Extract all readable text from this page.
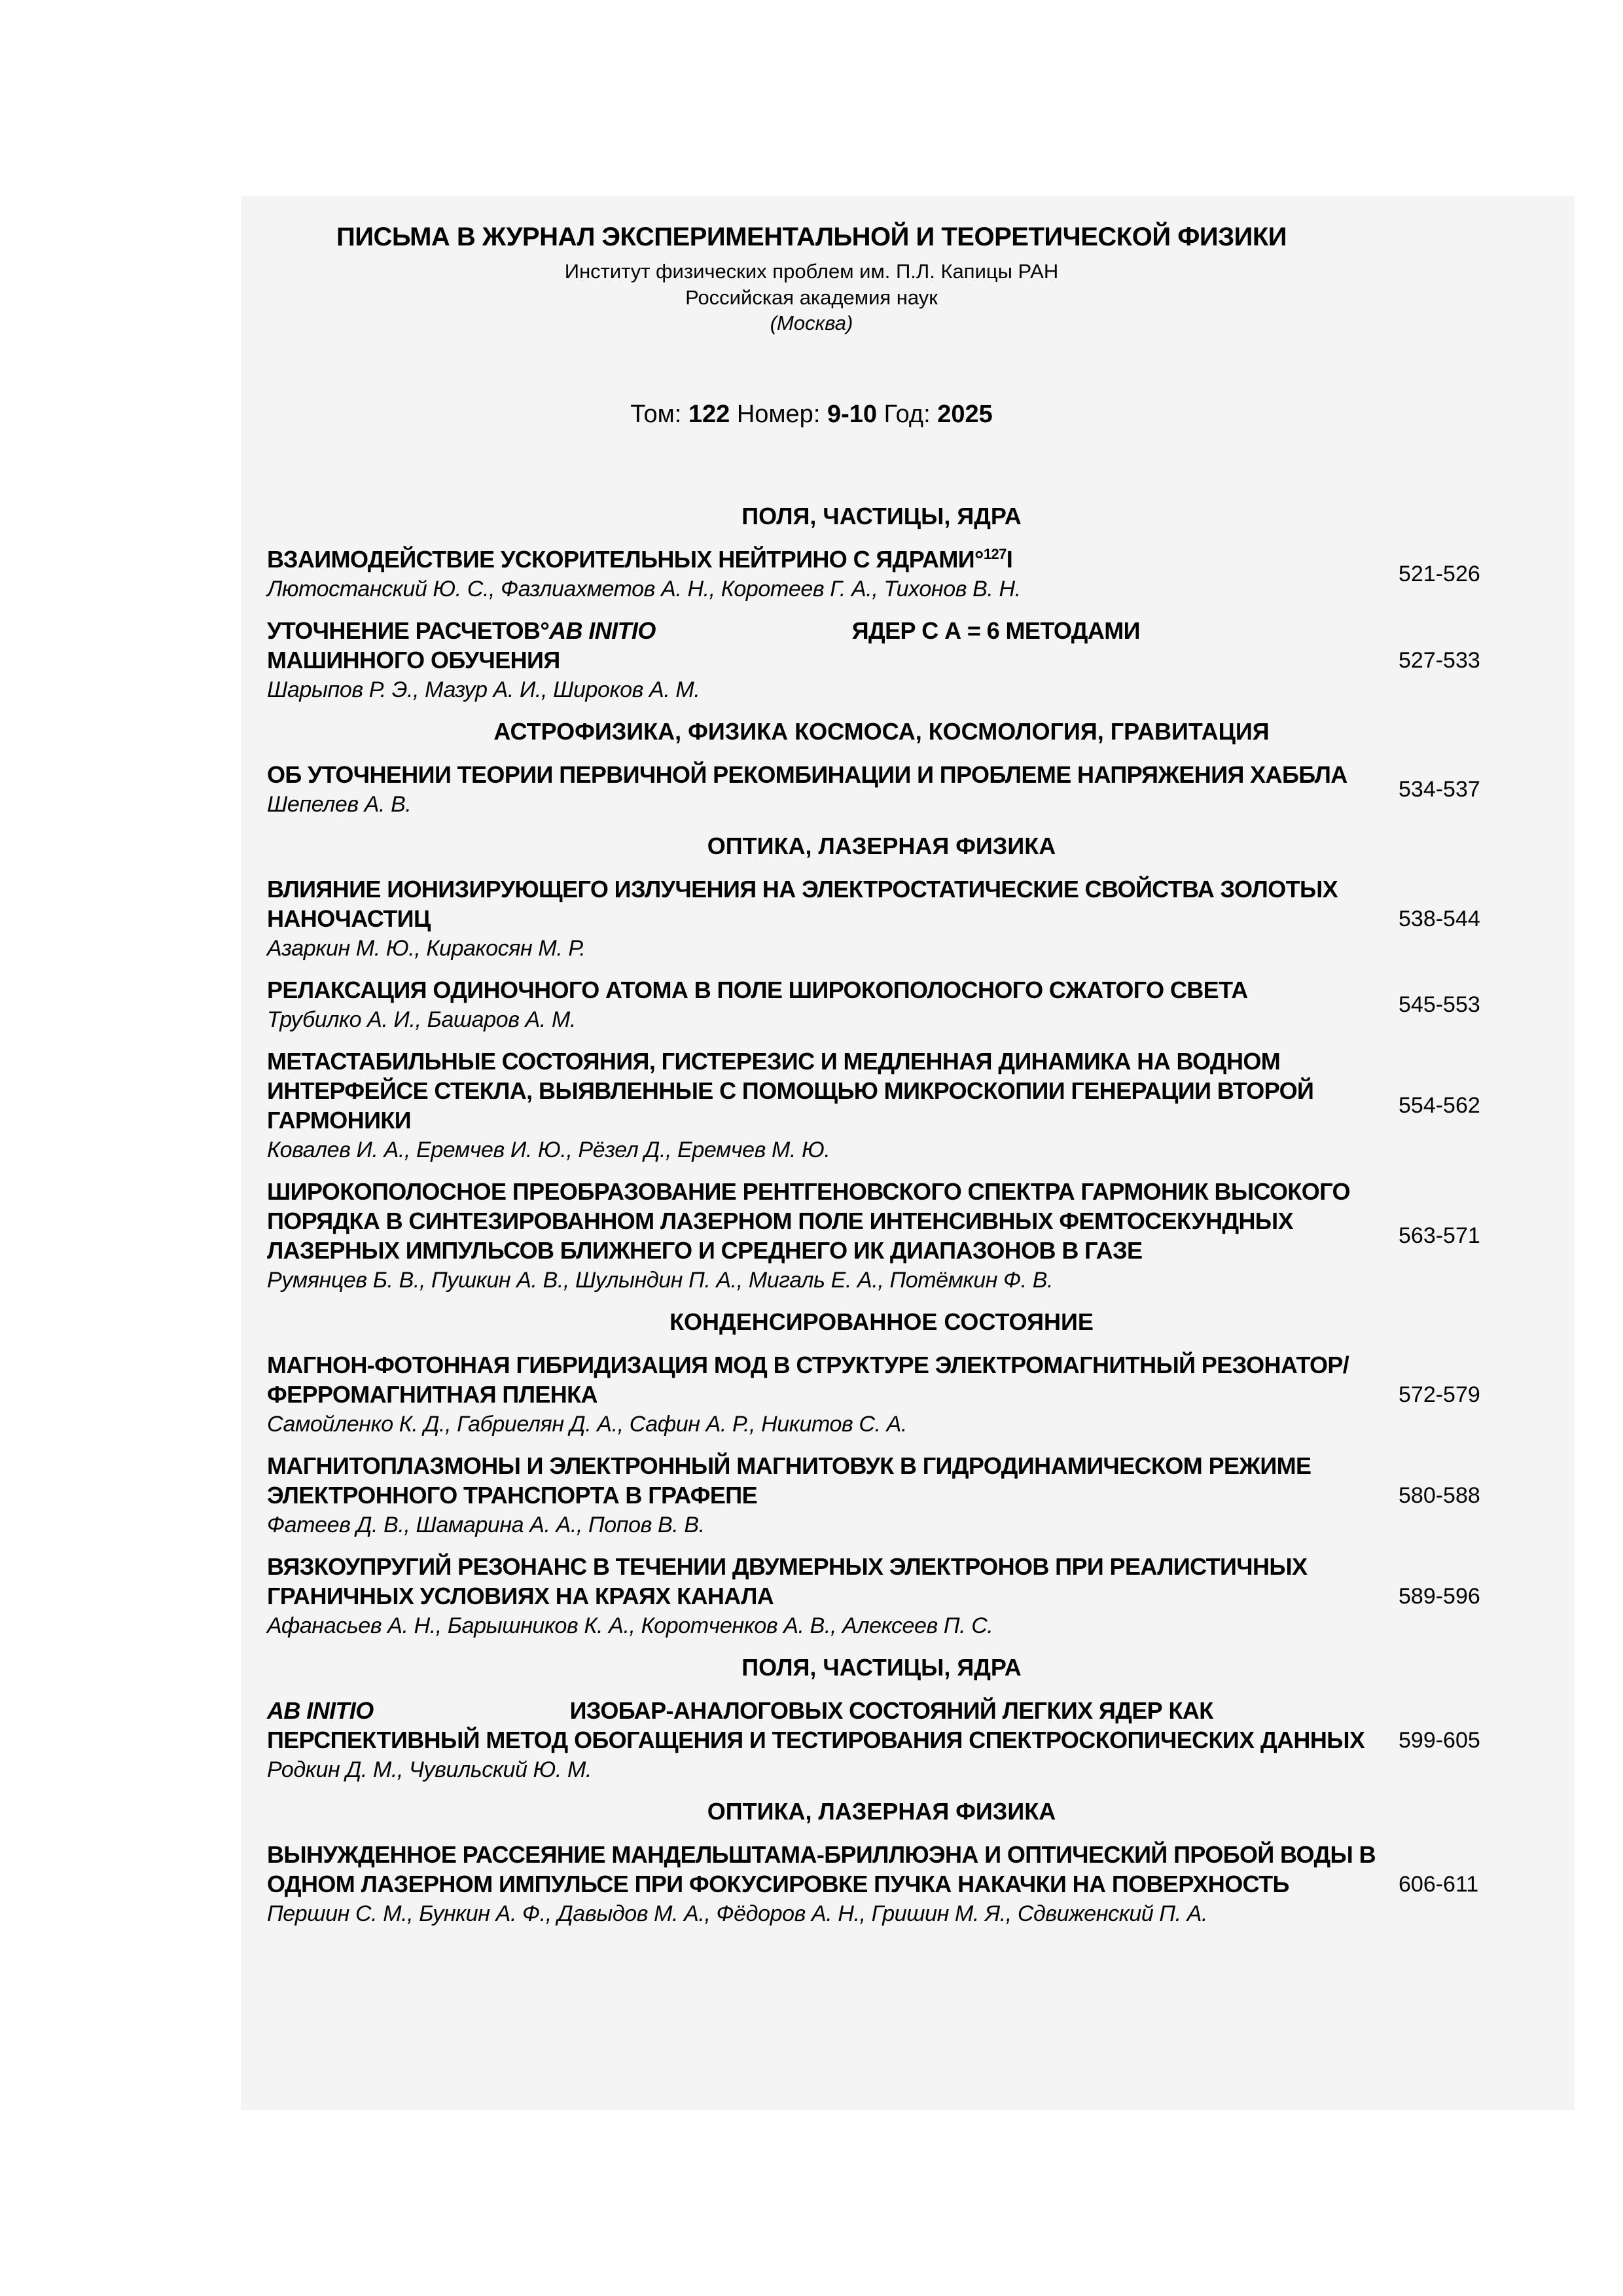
ПИСЬМА В ЖУРНАЛ ЭКСПЕРИМЕНТАЛЬНОЙ И ТЕОРЕТИЧЕСКОЙ ФИЗИКИ
Институт физических проблем им. П.Л. Капицы РАН
Российская академия наук
(Москва)
Том: 122 Номер: 9-10 Год: 2025
ПОЛЯ, ЧАСТИЦЫ, ЯДРА
ВЗАИМОДЕЙСТВИЕ УСКОРИТЕЛЬНЫХ НЕЙТРИНО С ЯДРАМИ°$^{127}$I
Лютостанский Ю. С., Фазлиахметов А. Н., Коротеев Г. А., Тихонов В. Н.
521-526
УТОЧНЕНИЕ РАСЧЕТОВ°AB INITIO	ЯДЕР С А = 6 МЕТОДАМИ
МАШИННОГО ОБУЧЕНИЯ
Шарыпов Р. Э., Мазур А. И., Широков А. М.
527-533
АСТРОФИЗИКА, ФИЗИКА КОСМОСА, КОСМОЛОГИЯ, ГРАВИТАЦИЯ
ОБ УТОЧНЕНИИ ТЕОРИИ ПЕРВИЧНОЙ РЕКОМБИНАЦИИ И ПРОБЛЕМЕ НАПРЯЖЕНИЯ ХАББЛА
Шепелев А. В.
534-537
ОПТИКА, ЛАЗЕРНАЯ ФИЗИКА
ВЛИЯНИЕ ИОНИЗИРУЮЩЕГО ИЗЛУЧЕНИЯ НА ЭЛЕКТРОСТАТИЧЕСКИЕ СВОЙСТВА ЗОЛОТЫХ НАНОЧАСТИЦ
Азаркин М. Ю., Киракосян М. Р.
538-544
РЕЛАКСАЦИЯ ОДИНОЧНОГО АТОМА В ПОЛЕ ШИРОКОПОЛОСНОГО СЖАТОГО СВЕТА
Трубилко А. И., Башаров А. М.
545-553
МЕТАСТАБИЛЬНЫЕ СОСТОЯНИЯ, ГИСТЕРЕЗИС И МЕДЛЕННАЯ ДИНАМИКА НА ВОДНОМ ИНТЕРФЕЙСЕ СТЕКЛА, ВЫЯВЛЕННЫЕ С ПОМОЩЬЮ МИКРОСКОПИИ ГЕНЕРАЦИИ ВТОРОЙ ГАРМОНИКИ
Ковалев И. А., Еремчев И. Ю., Рёзел Д., Еремчев М. Ю.
554-562
ШИРОКОПОЛОСНОЕ ПРЕОБРАЗОВАНИЕ РЕНТГЕНОВСКОГО СПЕКТРА ГАРМОНИК ВЫСОКОГО ПОРЯДКА В СИНТЕЗИРОВАННОМ ЛАЗЕРНОМ ПОЛЕ ИНТЕНСИВНЫХ ФЕМТОСЕКУНДНЫХ ЛАЗЕРНЫХ ИМПУЛЬСОВ БЛИЖНЕГО И СРЕДНЕГО ИК ДИАПАЗОНОВ В ГАЗЕ
Румянцев Б. В., Пушкин А. В., Шулындин П. А., Мигаль Е. А., Потёмкин Ф. В.
563-571
КОНДЕНСИРОВАННОЕ СОСТОЯНИЕ
МАГНОН-ФОТОННАЯ ГИБРИДИЗАЦИЯ МОД В СТРУКТУРЕ ЭЛЕКТРОМАГНИТНЫЙ РЕЗОНАТОР/ФЕРРОМАГНИТНАЯ ПЛЕНКА
Самойленко К. Д., Габриелян Д. А., Сафин А. Р., Никитов С. А.
572-579
МАГНИТОПЛАЗМОНЫ И ЭЛЕКТРОННЫЙ МАГНИТОВУК В ГИДРОДИНАМИЧЕСКОМ РЕЖИМЕ ЭЛЕКТРОННОГО ТРАНСПОРТА В ГРАФЕПЕ
Фатеев Д. В., Шамарина А. А., Попов В. В.
580-588
ВЯЗКОУПРУГИЙ РЕЗОНАНС В ТЕЧЕНИИ ДВУМЕРНЫХ ЭЛЕКТРОНОВ ПРИ РЕАЛИСТИЧНЫХ ГРАНИЧНЫХ УСЛОВИЯХ НА КРАЯХ КАНАЛА
Афанасьев А. Н., Барышников К. А., Коротченков А. В., Алексеев П. С.
589-596
ПОЛЯ, ЧАСТИЦЫ, ЯДРА
AB INITIO	ИЗОБАР-АНАЛОГОВЫХ СОСТОЯНИЙ ЛЕГКИХ ЯДЕР КАК
ПЕРСПЕКТИВНЫЙ МЕТОД ОБОГАЩЕНИЯ И ТЕСТИРОВАНИЯ СПЕКТРОСКОПИЧЕСКИХ ДАННЫХ
Родкин Д. М., Чувильский Ю. М.
599-605
ОПТИКА, ЛАЗЕРНАЯ ФИЗИКА
ВЫНУЖДЕННОЕ РАССЕЯНИЕ МАНДЕЛЬШТАМА-БРИЛЛЮЭНА И ОПТИЧЕСКИЙ ПРОБОЙ ВОДЫ В ОДНОМ ЛАЗЕРНОМ ИМПУЛЬСЕ ПРИ ФОКУСИРОВКЕ ПУЧКА НАКАЧКИ НА ПОВЕРХНОСТЬ
Першин С. М., Бункин А. Ф., Давыдов М. А., Фёдоров А. Н., Гришин М. Я., Сдвиженский П. А.
606-611
